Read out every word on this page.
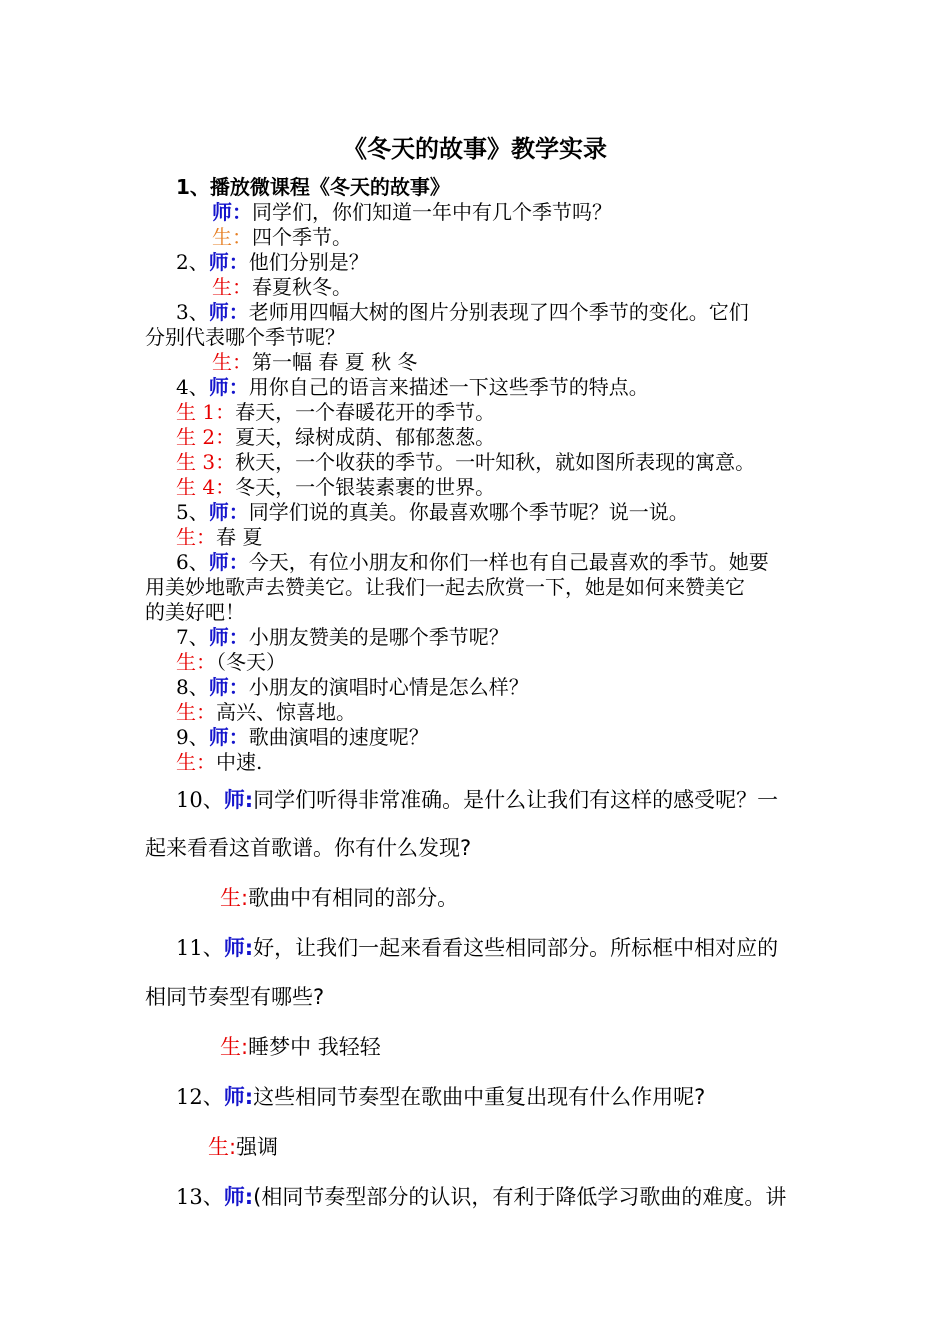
《冬天的故事》教学实录
1、播放微课程《冬天的故事》
师：同学们，你们知道一年中有几个季节吗？
生：四个季节。
2、师：他们分别是？
生：春夏秋冬。
3、师：老师用四幅大树的图片分别表现了四个季节的变化。它们
分别代表哪个季节呢？
生：第一幅 春 夏 秋 冬
4、师：用你自己的语言来描述一下这些季节的特点。
生 1：春天，一个春暖花开的季节。
生 2：夏天，绿树成荫、郁郁葱葱。
生 3：秋天，一个收获的季节。一叶知秋，就如图所表现的寓意。
生 4：冬天，一个银装素裹的世界。
5、师：同学们说的真美。你最喜欢哪个季节呢？说一说。
生：春 夏
6、师：今天，有位小朋友和你们一样也有自己最喜欢的季节。她要
用美妙地歌声去赞美它。让我们一起去欣赏一下，她是如何来赞美它
的美好吧！
7、师：小朋友赞美的是哪个季节呢？
生：（冬天）
8、师：小朋友的演唱时心情是怎么样？
生：高兴、惊喜地。
9、师：歌曲演唱的速度呢？
生：中速.
10、师:同学们听得非常准确。是什么让我们有这样的感受呢？一
起来看看这首歌谱。你有什么发现?
生:歌曲中有相同的部分。
11、师:好，让我们一起来看看这些相同部分。所标框中相对应的
相同节奏型有哪些?
生:睡梦中 我轻轻
12、师:这些相同节奏型在歌曲中重复出现有什么作用呢?
生:强调
13、师:(相同节奏型部分的认识，有利于降低学习歌曲的难度。讲
